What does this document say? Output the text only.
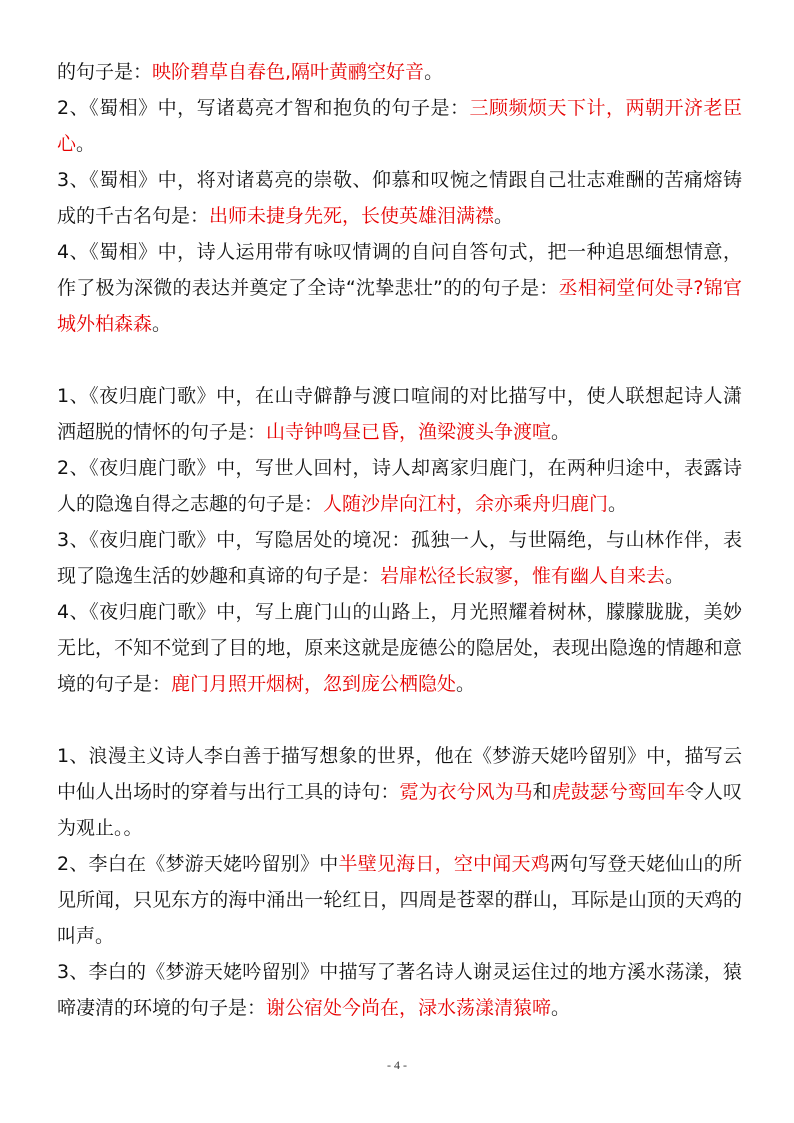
的句子是：映阶碧草自春色,隔叶黄鹂空好音。

2、《蜀相》中，写诸葛亮才智和抱负的句子是：三顾频烦天下计，两朝开济老臣心。

3、《蜀相》中，将对诸葛亮的崇敬、仰慕和叹惋之情跟自己壮志难酬的苦痛熔铸成的千古名句是：出师未捷身先死，长使英雄泪满襟。

4、《蜀相》中，诗人运用带有咏叹情调的自问自答句式，把一种追思缅想情意，作了极为深微的表达并奠定了全诗“沈挚悲壮”的的句子是：丞相祠堂何处寻?锦官城外柏森森。

1、《夜归鹿门歌》中，在山寺僻静与渡口喧闹的对比描写中，使人联想起诗人潇洒超脱的情怀的句子是：山寺钟鸣昼已昏，渔梁渡头争渡喧。

2、《夜归鹿门歌》中，写世人回村，诗人却离家归鹿门，在两种归途中，表露诗人的隐逸自得之志趣的句子是：人随沙岸向江村，余亦乘舟归鹿门。

3、《夜归鹿门歌》中，写隐居处的境况：孤独一人，与世隔绝，与山林作伴，表现了隐逸生活的妙趣和真谛的句子是：岩扉松径长寂寥，惟有幽人自来去。

4、《夜归鹿门歌》中，写上鹿门山的山路上，月光照耀着树林，朦朦胧胧，美妙无比，不知不觉到了目的地，原来这就是庞德公的隐居处，表现出隐逸的情趣和意境的句子是：鹿门月照开烟树，忽到庞公栖隐处。

1、浪漫主义诗人李白善于描写想象的世界，他在《梦游天姥吟留别》中，描写云中仙人出场时的穿着与出行工具的诗句：霓为衣兮风为马和虎鼓瑟兮鸾回车令人叹为观止。。

2、李白在《梦游天姥吟留别》中半壁见海日，空中闻天鸡两句写登天姥仙山的所见所闻，只见东方的海中涌出一轮红日，四周是苍翠的群山，耳际是山顶的天鸡的叫声。

3、李白的《梦游天姥吟留别》中描写了著名诗人谢灵运住过的地方溪水荡漾，猿啼凄清的环境的句子是：谢公宿处今尚在，渌水荡漾清猿啼。

- 4 -
